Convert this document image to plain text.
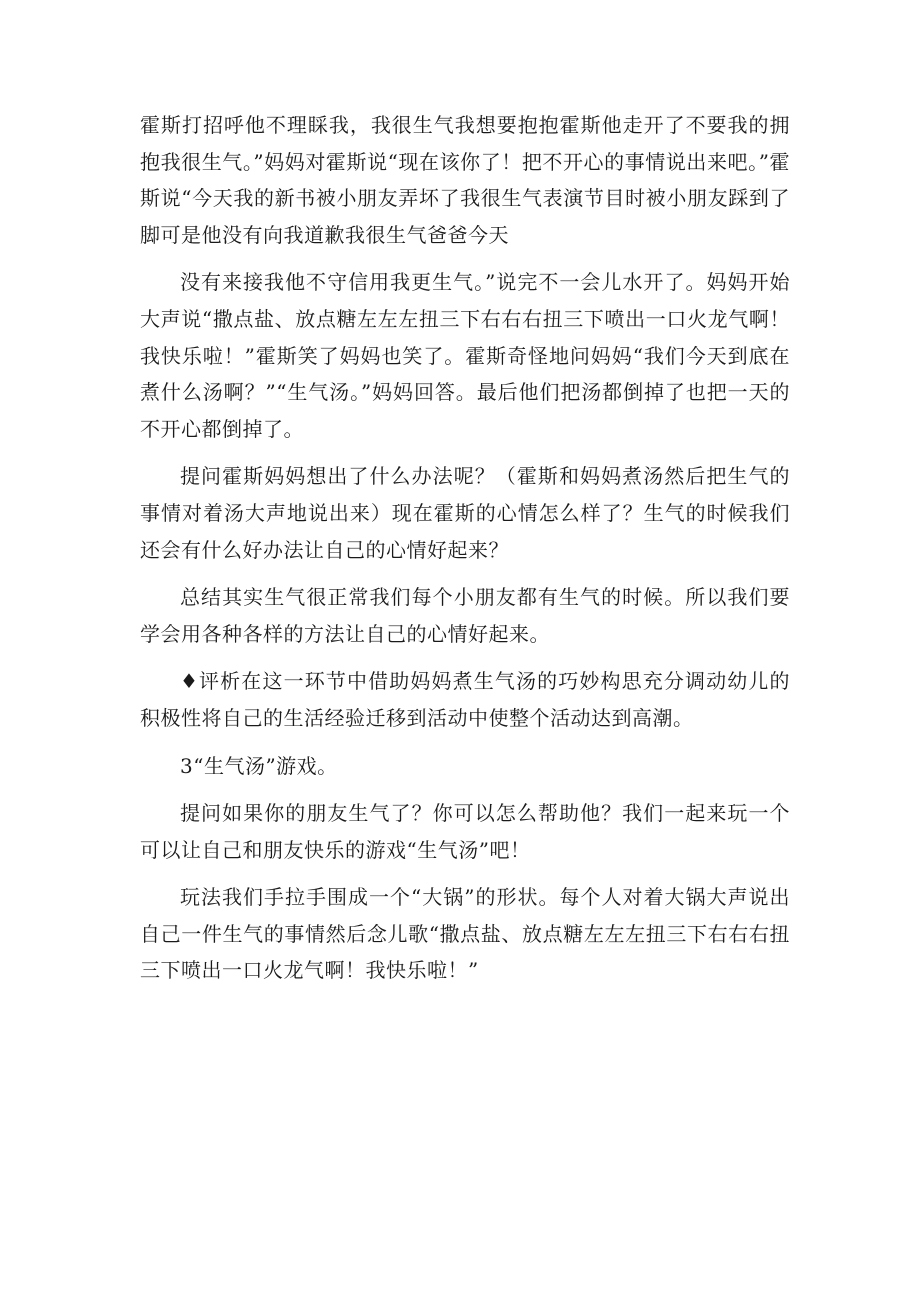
霍斯打招呼他不理睬我，我很生气我想要抱抱霍斯他走开了不要我的拥抱我很生气。”妈妈对霍斯说“现在该你了！把不开心的事情说出来吧。”霍斯说“今天我的新书被小朋友弄坏了我很生气表演节目时被小朋友踩到了脚可是他没有向我道歉我很生气爸爸今天

没有来接我他不守信用我更生气。”说完不一会儿水开了。妈妈开始大声说“撒点盐、放点糖左左左扭三下右右右扭三下喷出一口火龙气啊！我快乐啦！”霍斯笑了妈妈也笑了。霍斯奇怪地问妈妈“我们今天到底在煮什么汤啊？”“生气汤。”妈妈回答。最后他们把汤都倒掉了也把一天的不开心都倒掉了。

提问霍斯妈妈想出了什么办法呢？（霍斯和妈妈煮汤然后把生气的事情对着汤大声地说出来）现在霍斯的心情怎么样了？生气的时候我们还会有什么好办法让自己的心情好起来？

总结其实生气很正常我们每个小朋友都有生气的时候。所以我们要学会用各种各样的方法让自己的心情好起来。

♦评析在这一环节中借助妈妈煮生气汤的巧妙构思充分调动幼儿的积极性将自己的生活经验迁移到活动中使整个活动达到高潮。

3“生气汤”游戏。

提问如果你的朋友生气了？你可以怎么帮助他？我们一起来玩一个可以让自己和朋友快乐的游戏“生气汤”吧！

玩法我们手拉手围成一个“大锅”的形状。每个人对着大锅大声说出自己一件生气的事情然后念儿歌“撒点盐、放点糖左左左扭三下右右右扭三下喷出一口火龙气啊！我快乐啦！”
